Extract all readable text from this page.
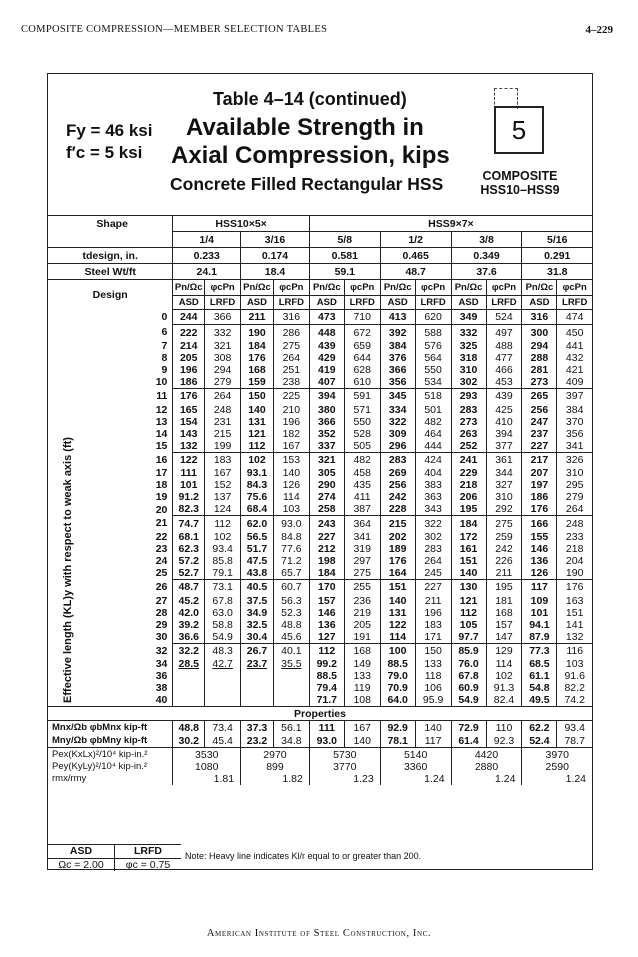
COMPOSITE COMPRESSION—MEMBER SELECTION TABLES	4–229
Fy = 46 ksi
f′c = 5 ksi
Table 4–14 (continued)
Available Strength in
Axial Compression, kips
Concrete Filled Rectangular HSS
5
COMPOSITE
HSS10–HSS9
Shape		HSS10×5×				HSS9×7×							
		1/4		3/16		5/8		1/2		3/8		5/16	
tdesign, in.		0.233		0.174		0.581		0.465		0.349		0.291	
Steel Wt/ft		24.1		18.4		59.1		48.7		37.6		31.8	
Design		Pn/Ωc	φcPn	Pn/Ωc	φcPn	Pn/Ωc	φcPn	Pn/Ωc	φcPn	Pn/Ωc	φcPn	Pn/Ωc	φcPn
		ASD	LRFD	ASD	LRFD	ASD	LRFD	ASD	LRFD	ASD	LRFD	ASD	LRFD
	0	244	366	211	316	473	710	413	620	349	524	316	474
	6	222	332	190	286	448	672	392	588	332	497	300	450
	7	214	321	184	275	439	659	384	576	325	488	294	441
	8	205	308	176	264	429	644	376	564	318	477	288	432
	9	196	294	168	251	419	628	366	550	310	466	281	421
	10	186	279	159	238	407	610	356	534	302	453	273	409
	11	176	264	150	225	394	591	345	518	293	439	265	397
	12	165	248	140	210	380	571	334	501	283	425	256	384
	13	154	231	131	196	366	550	322	482	273	410	247	370
	14	143	215	121	182	352	528	309	464	263	394	237	356
	15	132	199	112	167	337	505	296	444	252	377	227	341
	16	122	183	102	153	321	482	283	424	241	361	217	326
	17	111	167	93.1	140	305	458	269	404	229	344	207	310
	18	101	152	84.3	126	290	435	256	383	218	327	197	295
	19	91.2	137	75.6	114	274	411	242	363	206	310	186	279
	20	82.3	124	68.4	103	258	387	228	343	195	292	176	264
	21	74.7	112	62.0	93.0	243	364	215	322	184	275	166	248
	22	68.1	102	56.5	84.8	227	341	202	302	172	259	155	233
	23	62.3	93.4	51.7	77.6	212	319	189	283	161	242	146	218
	24	57.2	85.8	47.5	71.2	198	297	176	264	151	226	136	204
	25	52.7	79.1	43.8	65.7	184	275	164	245	140	211	126	190
	26	48.7	73.1	40.5	60.7	170	255	151	227	130	195	117	176
	27	45.2	67.8	37.5	56.3	157	236	140	211	121	181	109	163
	28	42.0	63.0	34.9	52.3	146	219	131	196	112	168	101	151
	29	39.2	58.8	32.5	48.8	136	205	122	183	105	157	94.1	141
	30	36.6	54.9	30.4	45.6	127	191	114	171	97.7	147	87.9	132
	32	32.2	48.3	26.7	40.1	112	168	100	150	85.9	129	77.3	116
	34	28.5	42.7	23.7	35.5	99.2	149	88.5	133	76.0	114	68.5	103
	36					88.5	133	79.0	118	67.8	102	61.1	91.6
	38					79.4	119	70.9	106	60.9	91.3	54.8	82.2
	40					71.7	108	64.0	95.9	54.9	82.4	49.5	74.2
Properties													
Mnx/Ωb φbMnx kip-ft		48.8	73.4	37.3	56.1	111	167	92.9	140	72.9	110	62.2	93.4
Mny/Ωb φbMny kip-ft		30.2	45.4	23.2	34.8	93.0	140	78.1	117	61.4	92.3	52.4	78.7
Pex(KxLx)²/10⁴ kip-in.²		3530		2970		5730		5140		4420		3970	
Pey(KyLy)²/10⁴ kip-in.²		1080		899		3770		3360		2880		2590	
rmx/rmy		1.81		1.82		1.23		1.24		1.24		1.24	
Effective length (KL)y with respect to weak axis (ft)
ASD	LRFD
Ωc = 2.00	φc = 0.75
Note: Heavy line indicates Kl/r equal to or greater than 200.
American Institute of Steel Construction, Inc.
